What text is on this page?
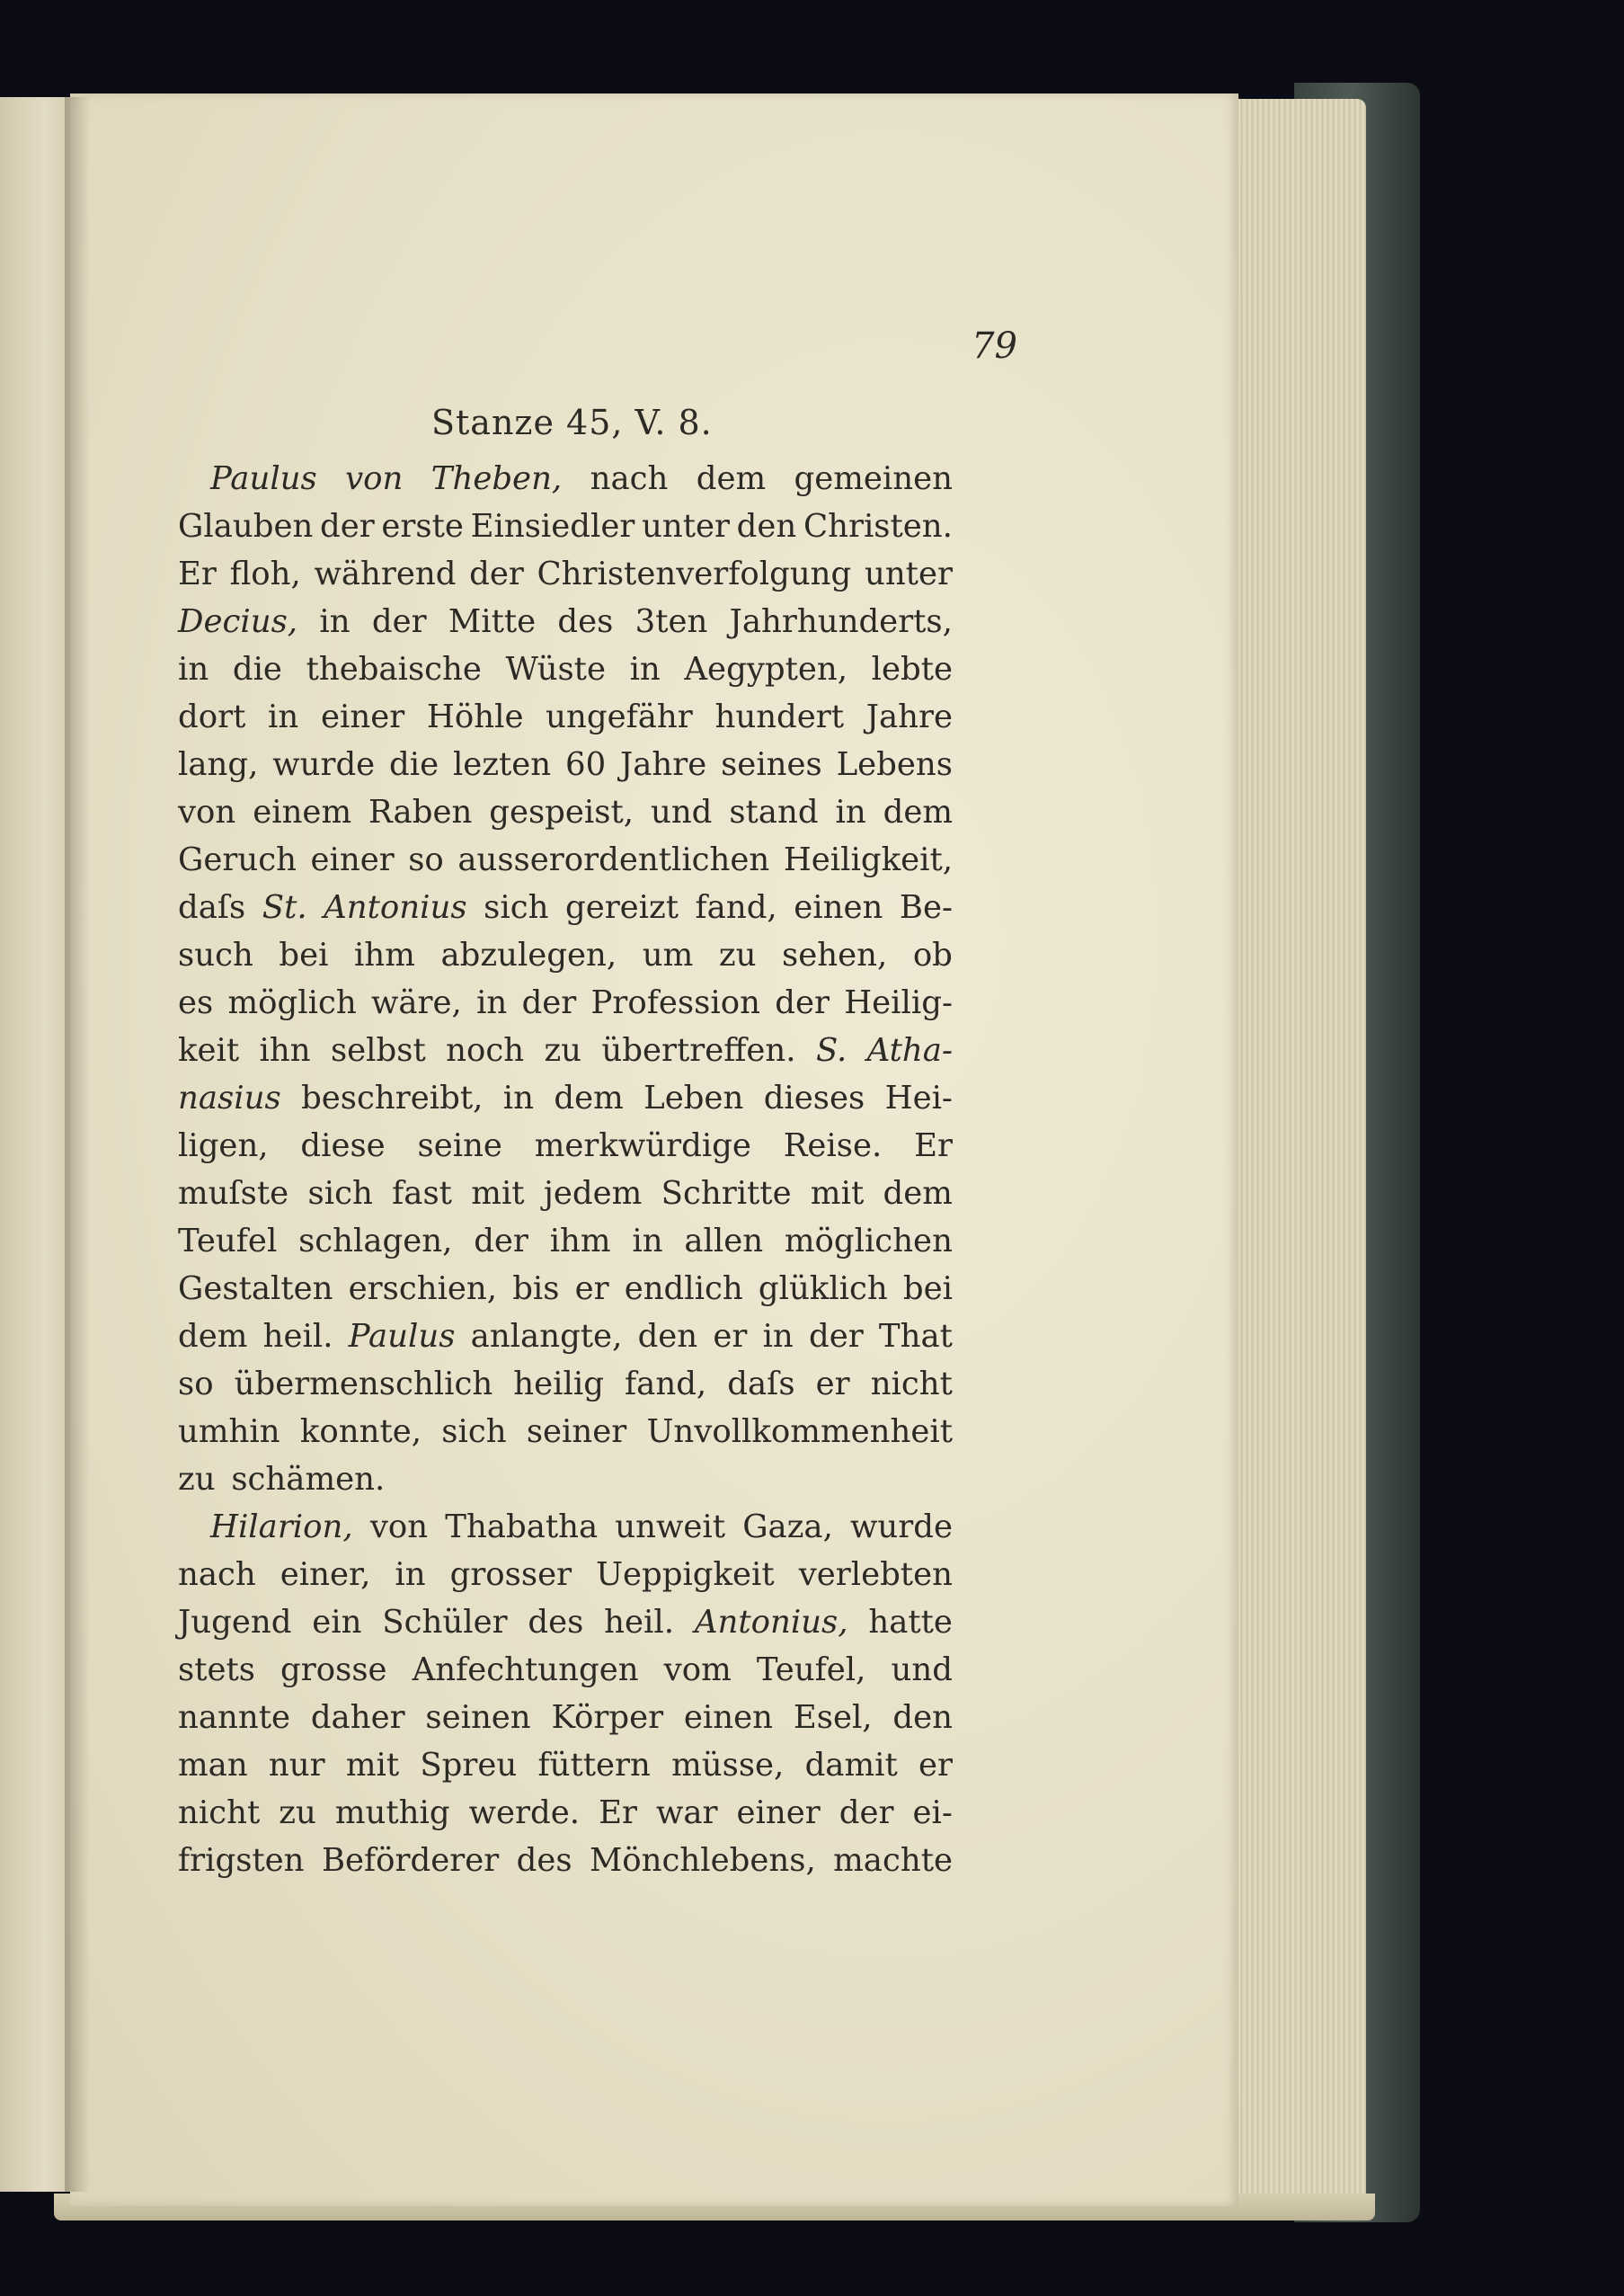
79
Stanze 45, V. 8.
Paulus von Theben, nach dem gemeinen
Glauben der erste Einsiedler unter den Christen.
Er floh, während der Christenverfolgung unter
Decius, in der Mitte des 3ten Jahrhunderts,
in die thebaische Wüste in Aegypten, lebte
dort in einer Höhle ungefähr hundert Jahre
lang, wurde die lezten 60 Jahre seines Lebens
von einem Raben gespeist, und stand in dem
Geruch einer so ausserordentlichen Heiligkeit,
daſs St. Antonius sich gereizt fand, einen Be-
such bei ihm abzulegen, um zu sehen, ob
es möglich wäre, in der Profession der Heilig-
keit ihn selbst noch zu übertreffen. S. Atha-
nasius beschreibt, in dem Leben dieses Hei-
ligen, diese seine merkwürdige Reise. Er
muſste sich fast mit jedem Schritte mit dem
Teufel schlagen, der ihm in allen möglichen
Gestalten erschien, bis er endlich glüklich bei
dem heil. Paulus anlangte, den er in der That
so übermenschlich heilig fand, daſs er nicht
umhin konnte, sich seiner Unvollkommenheit
zu schämen.
Hilarion, von Thabatha unweit Gaza, wurde
nach einer, in grosser Ueppigkeit verlebten
Jugend ein Schüler des heil. Antonius, hatte
stets grosse Anfechtungen vom Teufel, und
nannte daher seinen Körper einen Esel, den
man nur mit Spreu füttern müsse, damit er
nicht zu muthig werde. Er war einer der ei-
frigsten Beförderer des Mönchlebens, machte
